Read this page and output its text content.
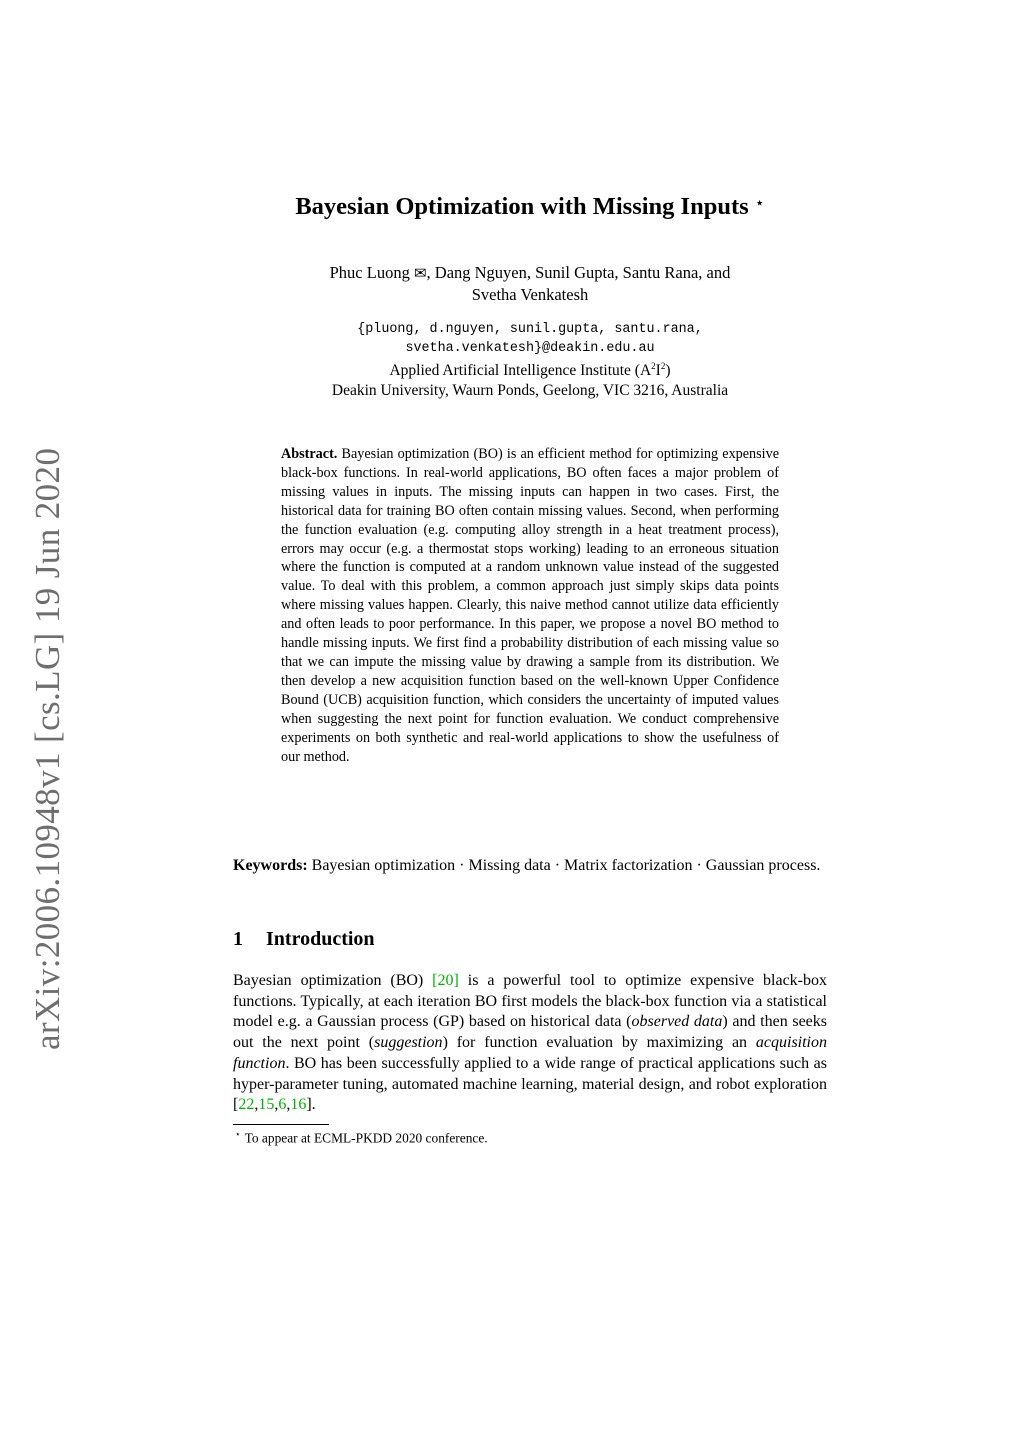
arXiv:2006.10948v1 [cs.LG] 19 Jun 2020
Bayesian Optimization with Missing Inputs ⋆
Phuc Luong ✉, Dang Nguyen, Sunil Gupta, Santu Rana, and
Svetha Venkatesh
{pluong, d.nguyen, sunil.gupta, santu.rana,
svetha.venkatesh}@deakin.edu.au
Applied Artificial Intelligence Institute $(A^2I^2)$
Deakin University, Waurn Ponds, Geelong, VIC 3216, Australia
Abstract. Bayesian optimization (BO) is an efficient method for optimizing expensive black-box functions. In real-world applications, BO often faces a major problem of missing values in inputs. The missing inputs can happen in two cases. First, the historical data for training BO often contain missing values. Second, when performing the function evaluation (e.g. computing alloy strength in a heat treatment process), errors may occur (e.g. a thermostat stops working) leading to an erroneous situation where the function is computed at a random unknown value instead of the suggested value. To deal with this problem, a common approach just simply skips data points where missing values happen. Clearly, this naive method cannot utilize data efficiently and often leads to poor performance. In this paper, we propose a novel BO method to handle missing inputs. We first find a probability distribution of each missing value so that we can impute the missing value by drawing a sample from its distribution. We then develop a new acquisition function based on the well-known Upper Confidence Bound (UCB) acquisition function, which considers the uncertainty of imputed values when suggesting the next point for function evaluation. We conduct comprehensive experiments on both synthetic and real-world applications to show the usefulness of our method.
Keywords: Bayesian optimization · Missing data · Matrix factorization · Gaussian process.
1 Introduction
Bayesian optimization (BO) [20] is a powerful tool to optimize expensive black-box functions. Typically, at each iteration BO first models the black-box function via a statistical model e.g. a Gaussian process (GP) based on historical data (observed data) and then seeks out the next point (suggestion) for function evaluation by maximizing an acquisition function. BO has been successfully applied to a wide range of practical applications such as hyper-parameter tuning, automated machine learning, material design, and robot exploration [22,15,6,16].
⋆ To appear at ECML-PKDD 2020 conference.
